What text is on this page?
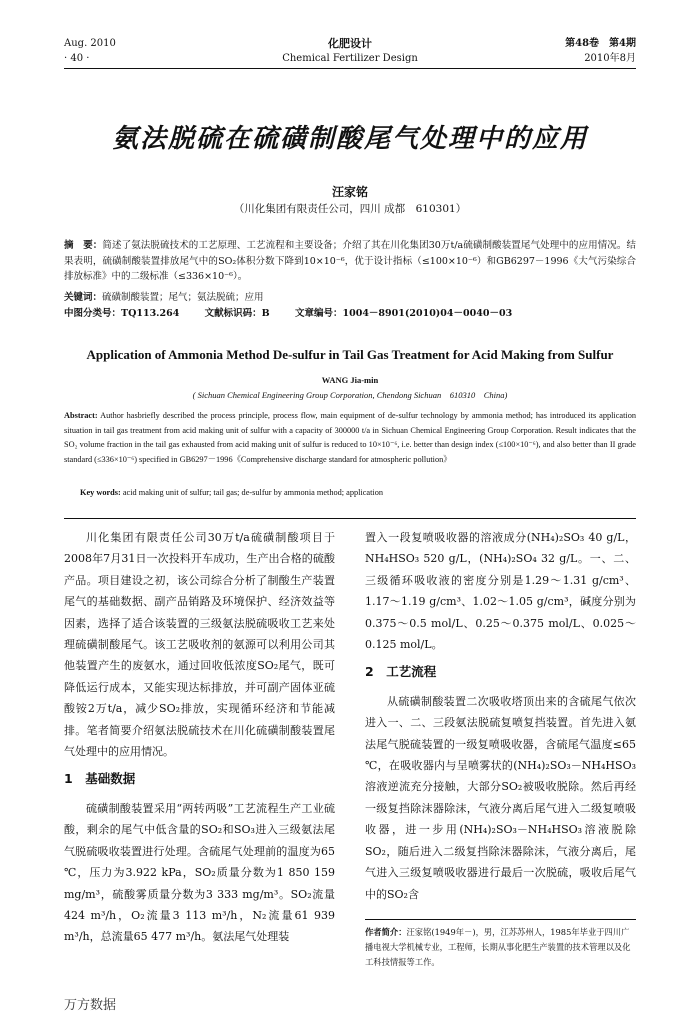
Aug. 2010
· 40 ·
化肥设计
Chemical Fertilizer Design
第48卷　第4期
2010年8月
氨法脱硫在硫磺制酸尾气处理中的应用
汪家铭
（川化集团有限责任公司，四川 成都　610301）
摘　要：简述了氨法脱硫技术的工艺原理、工艺流程和主要设备；介绍了其在川化集团30万t/a硫磺制酸装置尾气处理中的应用情况。结果表明，硫磺制酸装置排放尾气中的SO₂体积分数下降到10×10⁻⁶，优于设计指标（≤100×10⁻⁶）和GB6297－1996《大气污染综合排放标准》中的二级标准（≤336×10⁻⁶）。
关键词：硫磺制酸装置；尾气；氨法脱硫；应用
中图分类号：TQ113.264	文献标识码：B	文章编号：1004－8901(2010)04－0040－03
Application of Ammonia Method De-sulfur in Tail Gas Treatment for Acid Making from Sulfur
WANG Jia-min
( Sichuan Chemical Engineering Group Corporation, Chendong Sichuan　610310　China)
Abstract: Author hasbriefly described the process principle, process flow, main equipment of de-sulfur technology by ammonia method; has introduced its application situation in tail gas treatment from acid making unit of sulfur with a capacity of 300000 t/a in Sichuan Chemical Engineering Group Corporation. Result indicates that the SO₂ volume fraction in the tail gas exhausted from acid making unit of sulfur is reduced to 10×10⁻⁶, i.e. better than design index (≤100×10⁻⁶), and also better than II grade standard (≤336×10⁻⁶) specified in GB6297－1996《Comprehensive discharge standard for atmospheric pollution》
Key words: acid making unit of sulfur; tail gas; de-sulfur by ammonia method; application

川化集团有限责任公司30万t/a硫磺制酸项目于2008年7月31日一次投料开车成功，生产出合格的硫酸产品。项目建设之初，该公司综合分析了制酸生产装置尾气的基础数据、副产品销路及环境保护、经济效益等因素，选择了适合该装置的三级氨法脱硫吸收工艺来处理硫磺制酸尾气。该工艺吸收剂的氨源可以利用公司其他装置产生的废氨水，通过回收低浓度SO₂尾气，既可降低运行成本，又能实现达标排放，并可副产固体亚硫酸铵2万t/a，减少SO₂排放，实现循环经济和节能减排。笔者简要介绍氨法脱硫技术在川化硫磺制酸装置尾气处理中的应用情况。

1　基础数据

硫磺制酸装置采用“两转两吸”工艺流程生产工业硫酸，剩余的尾气中低含量的SO₂和SO₃进入三级氨法尾气脱硫吸收装置进行处理。含硫尾气处理前的温度为65 ℃，压力为3.922 kPa，SO₂质量分数为1 850 159 mg/m³，硫酸雾质量分数为3 333 mg/m³。SO₂流量424 m³/h，O₂流量3 113 m³/h，N₂流量61 939 m³/h，总流量65 477 m³/h。氨法尾气处理装

置入一段复喷吸收器的溶液成分(NH₄)₂SO₃ 40 g/L，NH₄HSO₃ 520 g/L，(NH₄)₂SO₄ 32 g/L。一、二、三级循环吸收液的密度分别是1.29～1.31 g/cm³、1.17～1.19 g/cm³、1.02～1.05 g/cm³，碱度分别为0.375～0.5 mol/L、0.25～0.375 mol/L、0.025～0.125 mol/L。

2　工艺流程

从硫磺制酸装置二次吸收塔顶出来的含硫尾气依次进入一、二、三段氨法脱硫复喷复挡装置。首先进入氨法尾气脱硫装置的一级复喷吸收器，含硫尾气温度≤65 ℃，在吸收器内与呈喷雾状的(NH₄)₂SO₃－NH₄HSO₃溶液逆流充分接触，大部分SO₂被吸收脱除。然后再经一级复挡除沫器除沫，气液分离后尾气进入二级复喷吸收器，进一步用(NH₄)₂SO₃－NH₄HSO₃溶液脱除SO₂，随后进入二级复挡除沫器除沫，气液分离后，尾气进入三级复喷吸收器进行最后一次脱硫，吸收后尾气中的SO₂含

作者简介：汪家铭(1949年－)，男，江苏苏州人，1985年毕业于四川广播电视大学机械专业，工程师，长期从事化肥生产装置的技术管理以及化工科技情报等工作。
万方数据
